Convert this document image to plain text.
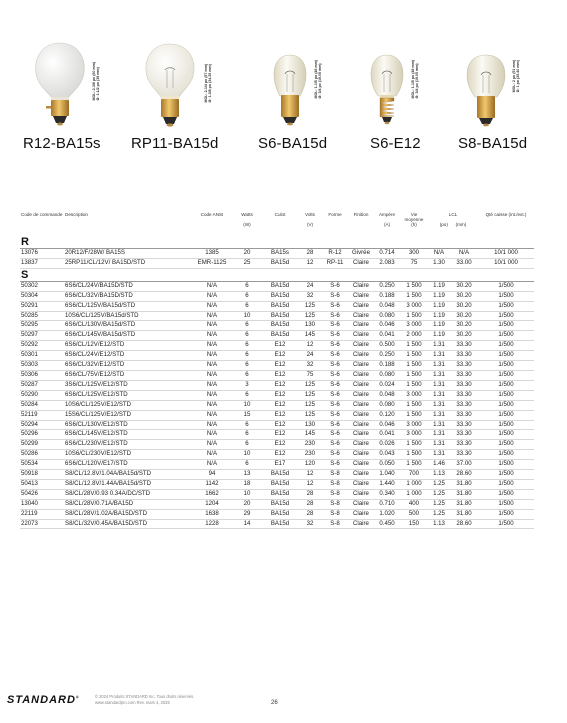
MOL: 2-3/8 po (60 mm)
Ø: 1-1/2 po (38 mm)
R12-BA15s
MOL: 2-1/4 po (57 mm)
Ø: 1-3/8 po (34.35 mm)
RP11-BA15d
MOL: 1-1/5 po (48 mm)
Ø: 3/4 po (19.05 mm)
S6-BA15d
MOL: 1-1/5 po (48 mm)
Ø: 3/4 po (19.05 mm)
S6-E12
MOL: 2 po (51 mm)
Ø: 1 po (25.40 mm)
S8-BA15d
Code de commande	Description	Code ANSI	Watts
(W)	Culot	Volts
(V)	Forme	Finition	Ampère
(A)	Vie moyenne
(h)	LCL
(po) (mm)		Qté caisse (int./ext.)
R												
13076	20R12/F/28W/ BA15S	1385	20	BA15s	28	R-12	Givrée	0.714	300	N/A	N/A	10/1 000
13837	25RP11/CL/12V/ BA15D/STD	EMR-1125	25	BA15d	12	RP-11	Claire	2.083	75	1.30	33.00	10/1 000
S												
50302	6S6/CL/24V/BA15D/STD	N/A	6	BA15d	24	S-6	Claire	0.250	1 500	1.19	30.20	1/500
50304	6S6/CL/32V/BA15D/STD	N/A	6	BA15d	32	S-6	Claire	0.188	1 500	1.19	30.20	1/500
50291	6S6/CL/125V/BA15d/STD	N/A	6	BA15d	125	S-6	Claire	0.048	3 000	1.19	30.20	1/500
50285	10S6/CL/125V/BA15d/STD	N/A	10	BA15d	125	S-6	Claire	0.080	1 500	1.19	30.20	1/500
50295	6S6/CL/130V/BA15d/STD	N/A	6	BA15d	130	S-6	Claire	0.046	3 000	1.19	30.20	1/500
50297	6S6/CL/145V/BA15d/STD	N/A	6	BA15d	145	S-6	Claire	0.041	2 000	1.19	30.20	1/500
50292	6S6/CL/12V/E12/STD	N/A	6	E12	12	S-6	Claire	0.500	1 500	1.31	33.30	1/500
50301	6S6/CL/24V/E12/STD	N/A	6	E12	24	S-6	Claire	0.250	1 500	1.31	33.30	1/500
50303	6S6/CL/32V/E12/STD	N/A	6	E12	32	S-6	Claire	0.188	1 500	1.31	33.30	1/500
50306	6S6/CL/75V/E12/STD	N/A	6	E12	75	S-6	Claire	0.080	1 500	1.31	33.30	1/500
50287	3S6/CL/125V/E12/STD	N/A	3	E12	125	S-6	Claire	0.024	1 500	1.31	33.30	1/500
50290	6S6/CL/125V/E12/STD	N/A	6	E12	125	S-6	Claire	0.048	3 000	1.31	33.30	1/500
50284	10S6/CL/125V/E12/STD	N/A	10	E12	125	S-6	Claire	0.080	1 500	1.31	33.30	1/500
52119	15S6/CL/125V/E12/STD	N/A	15	E12	125	S-6	Claire	0.120	1 500	1.31	33.30	1/500
50294	6S6/CL/130V/E12/STD	N/A	6	E12	130	S-6	Claire	0.046	3 000	1.31	33.30	1/500
50296	6S6/CL/145V/E12/STD	N/A	6	E12	145	S-6	Claire	0.041	3 000	1.31	33.30	1/500
50299	6S6/CL/230V/E12/STD	N/A	6	E12	230	S-6	Claire	0.026	1 500	1.31	33.30	1/500
50286	10S6/CL/230V/E12/STD	N/A	10	E12	230	S-6	Claire	0.043	1 500	1.31	33.30	1/500
50534	6S6/CL/120V/E17/STD	N/A	6	E17	120	S-6	Claire	0.050	1 500	1.46	37.00	1/500
50918	S8/CL/12.8V/1.04A/BA15d/STD	94	13	BA15d	12	S-8	Claire	1.040	700	1.13	28.60	1/500
50413	S8/CL/12.8V/1.44A/BA15d/STD	1142	18	BA15d	12	S-8	Claire	1.440	1 000	1.25	31.80	1/500
50426	S8/CL/28V/0.93 0.34A/DC/STD	1662	10	BA15d	28	S-8	Claire	0.340	1 000	1.25	31.80	1/500
13040	S8/CL/28V/0.71A/BA15D	1204	20	BA15d	28	S-8	Claire	0.710	400	1.25	31.80	1/500
22119	S8/CL/28V/1.02A/BA15D/STD	1638	29	BA15d	28	S-8	Claire	1.020	500	1.25	31.80	1/500
22073	S8/CL/32V/0.45A/BA15D/STD	1228	14	BA15d	32	S-8	Claire	0.450	150	1.13	28.60	1/500
STANDARD®	© 2024 Produits STANDARD Inc. Tous droits réservés.
www.standardpro.com Rev. mars 4, 2025	26
